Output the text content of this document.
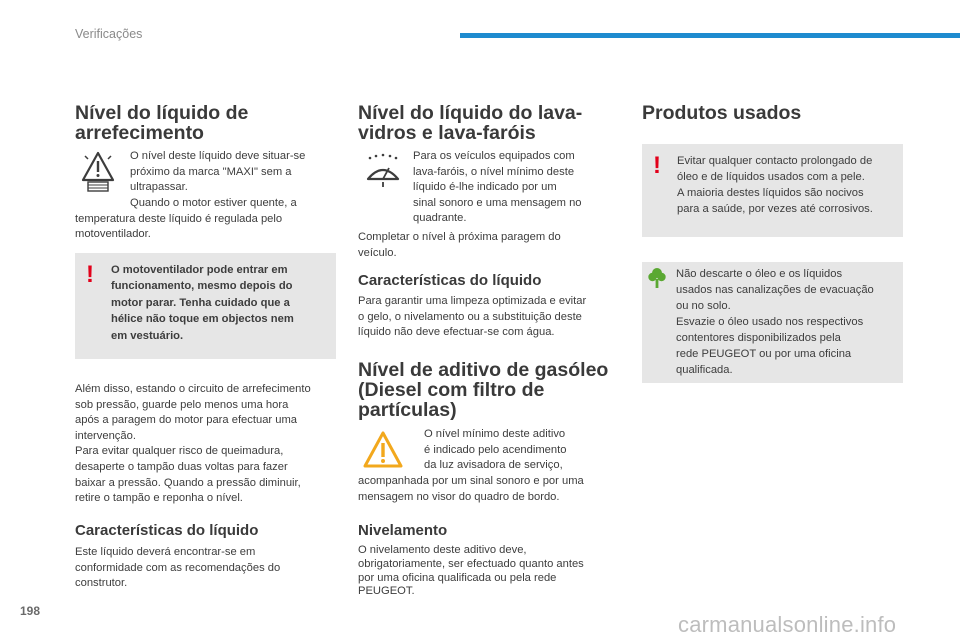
Verificações
Nível do líquido de
arrefecimento
O nível deste líquido deve situar-se
próximo da marca "MAXI" sem a
ultrapassar.
Quando o motor estiver quente, a
temperatura deste líquido é regulada pelo
motoventilador.
! O motoventilador pode entrar em
funcionamento, mesmo depois do
motor parar. Tenha cuidado que a
hélice não toque em objectos nem
em vestuário.
Além disso, estando o circuito de arrefecimento
sob pressão, guarde pelo menos uma hora
após a paragem do motor para efectuar uma
intervenção.
Para evitar qualquer risco de queimadura,
desaperte o tampão duas voltas para fazer
baixar a pressão. Quando a pressão diminuir,
retire o tampão e reponha o nível.
Características do líquido
Este líquido deverá encontrar-se em
conformidade com as recomendações do
construtor.
Nível do líquido do lava-
vidros e lava-faróis
Para os veículos equipados com
lava-faróis, o nível mínimo deste
líquido é-lhe indicado por um
sinal sonoro e uma mensagem no
quadrante.
Completar o nível à próxima paragem do
veículo.
Características do líquido
Para garantir uma limpeza optimizada e evitar
o gelo, o nivelamento ou a substituição deste
líquido não deve efectuar-se com água.
Nível de aditivo de gasóleo
(Diesel com filtro de
partículas)
O nível mínimo deste aditivo
é indicado pelo acendimento
da luz avisadora de serviço,
acompanhada por um sinal sonoro e por uma
mensagem no visor do quadro de bordo.
Nivelamento
O nivelamento deste aditivo deve,
obrigatoriamente, ser efectuado quanto antes
por uma oficina qualificada ou pela rede
PEUGEOT.
Produtos usados
! Evitar qualquer contacto prolongado de
óleo e de líquidos usados com a pele.
A maioria destes líquidos são nocivos
para a saúde, por vezes até corrosivos.
Não descarte o óleo e os líquidos
usados nas canalizações de evacuação
ou no solo.
Esvazie o óleo usado nos respectivos
contentores disponibilizados pela
rede PEUGEOT ou por uma oficina
qualificada.
198
carmanualsonline.info
